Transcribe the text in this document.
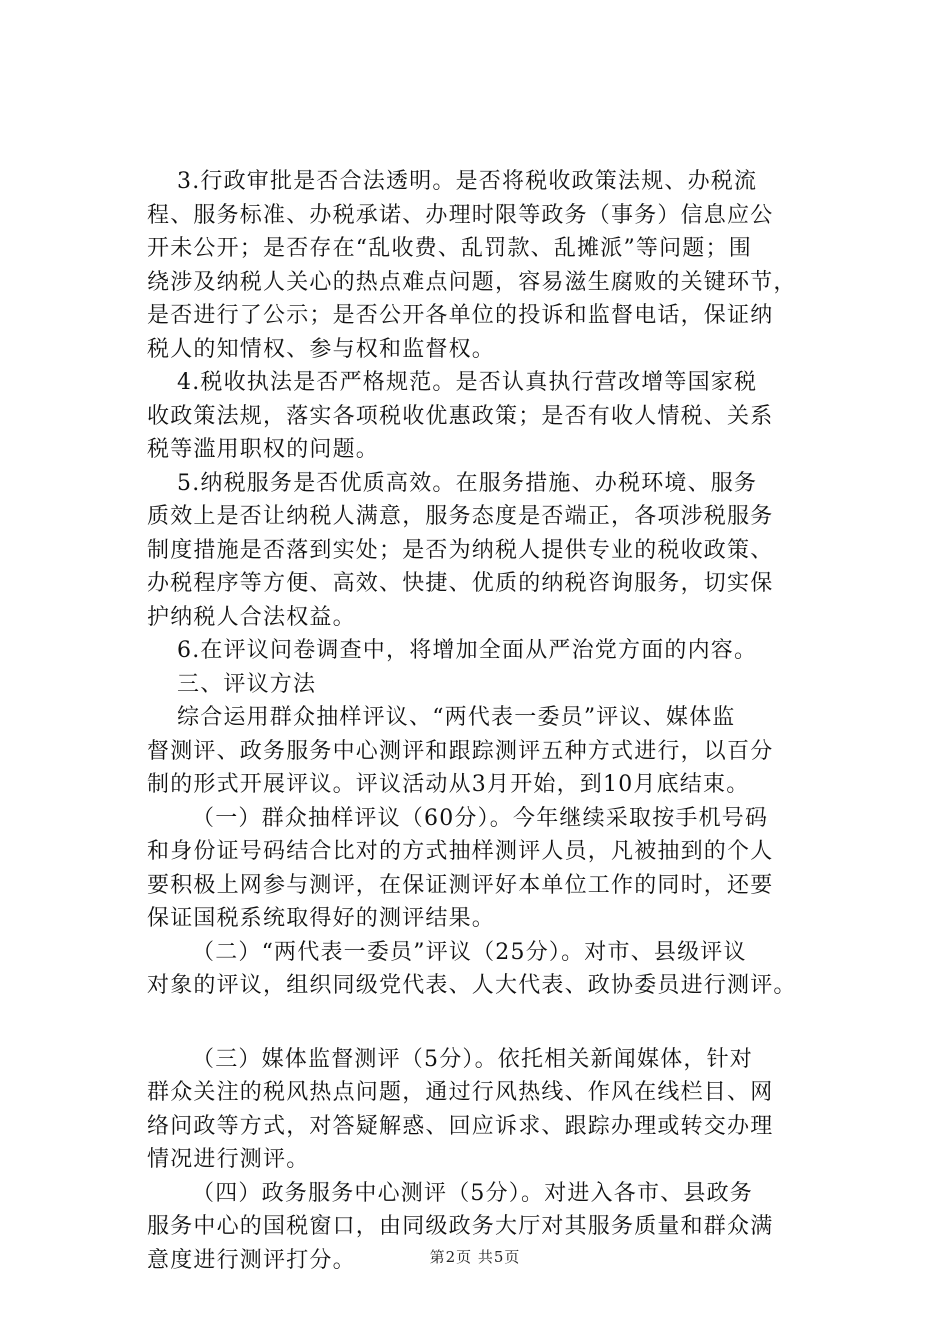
3.行政审批是否合法透明。是否将税收政策法规、办税流
程、服务标准、办税承诺、办理时限等政务（事务）信息应公
开未公开；是否存在“乱收费、乱罚款、乱摊派”等问题；围
绕涉及纳税人关心的热点难点问题，容易滋生腐败的关键环节，
是否进行了公示；是否公开各单位的投诉和监督电话，保证纳
税人的知情权、参与权和监督权。
4.税收执法是否严格规范。是否认真执行营改增等国家税
收政策法规，落实各项税收优惠政策；是否有收人情税、关系
税等滥用职权的问题。
5.纳税服务是否优质高效。在服务措施、办税环境、服务
质效上是否让纳税人满意，服务态度是否端正，各项涉税服务
制度措施是否落到实处；是否为纳税人提供专业的税收政策、
办税程序等方便、高效、快捷、优质的纳税咨询服务，切实保
护纳税人合法权益。
6.在评议问卷调查中，将增加全面从严治党方面的内容。
三、评议方法
综合运用群众抽样评议、“两代表一委员”评议、媒体监
督测评、政务服务中心测评和跟踪测评五种方式进行，以百分
制的形式开展评议。评议活动从3月开始，到10月底结束。
（一）群众抽样评议（60分）。今年继续采取按手机号码
和身份证号码结合比对的方式抽样测评人员，凡被抽到的个人
要积极上网参与测评，在保证测评好本单位工作的同时，还要
保证国税系统取得好的测评结果。
（二）“两代表一委员”评议（25分）。对市、县级评议
对象的评议，组织同级党代表、人大代表、政协委员进行测评。
（三）媒体监督测评（5分）。依托相关新闻媒体，针对
群众关注的税风热点问题，通过行风热线、作风在线栏目、网
络问政等方式，对答疑解惑、回应诉求、跟踪办理或转交办理
情况进行测评。
（四）政务服务中心测评（5分）。对进入各市、县政务
服务中心的国税窗口，由同级政务大厅对其服务质量和群众满
意度进行测评打分。	第2页 共5页
